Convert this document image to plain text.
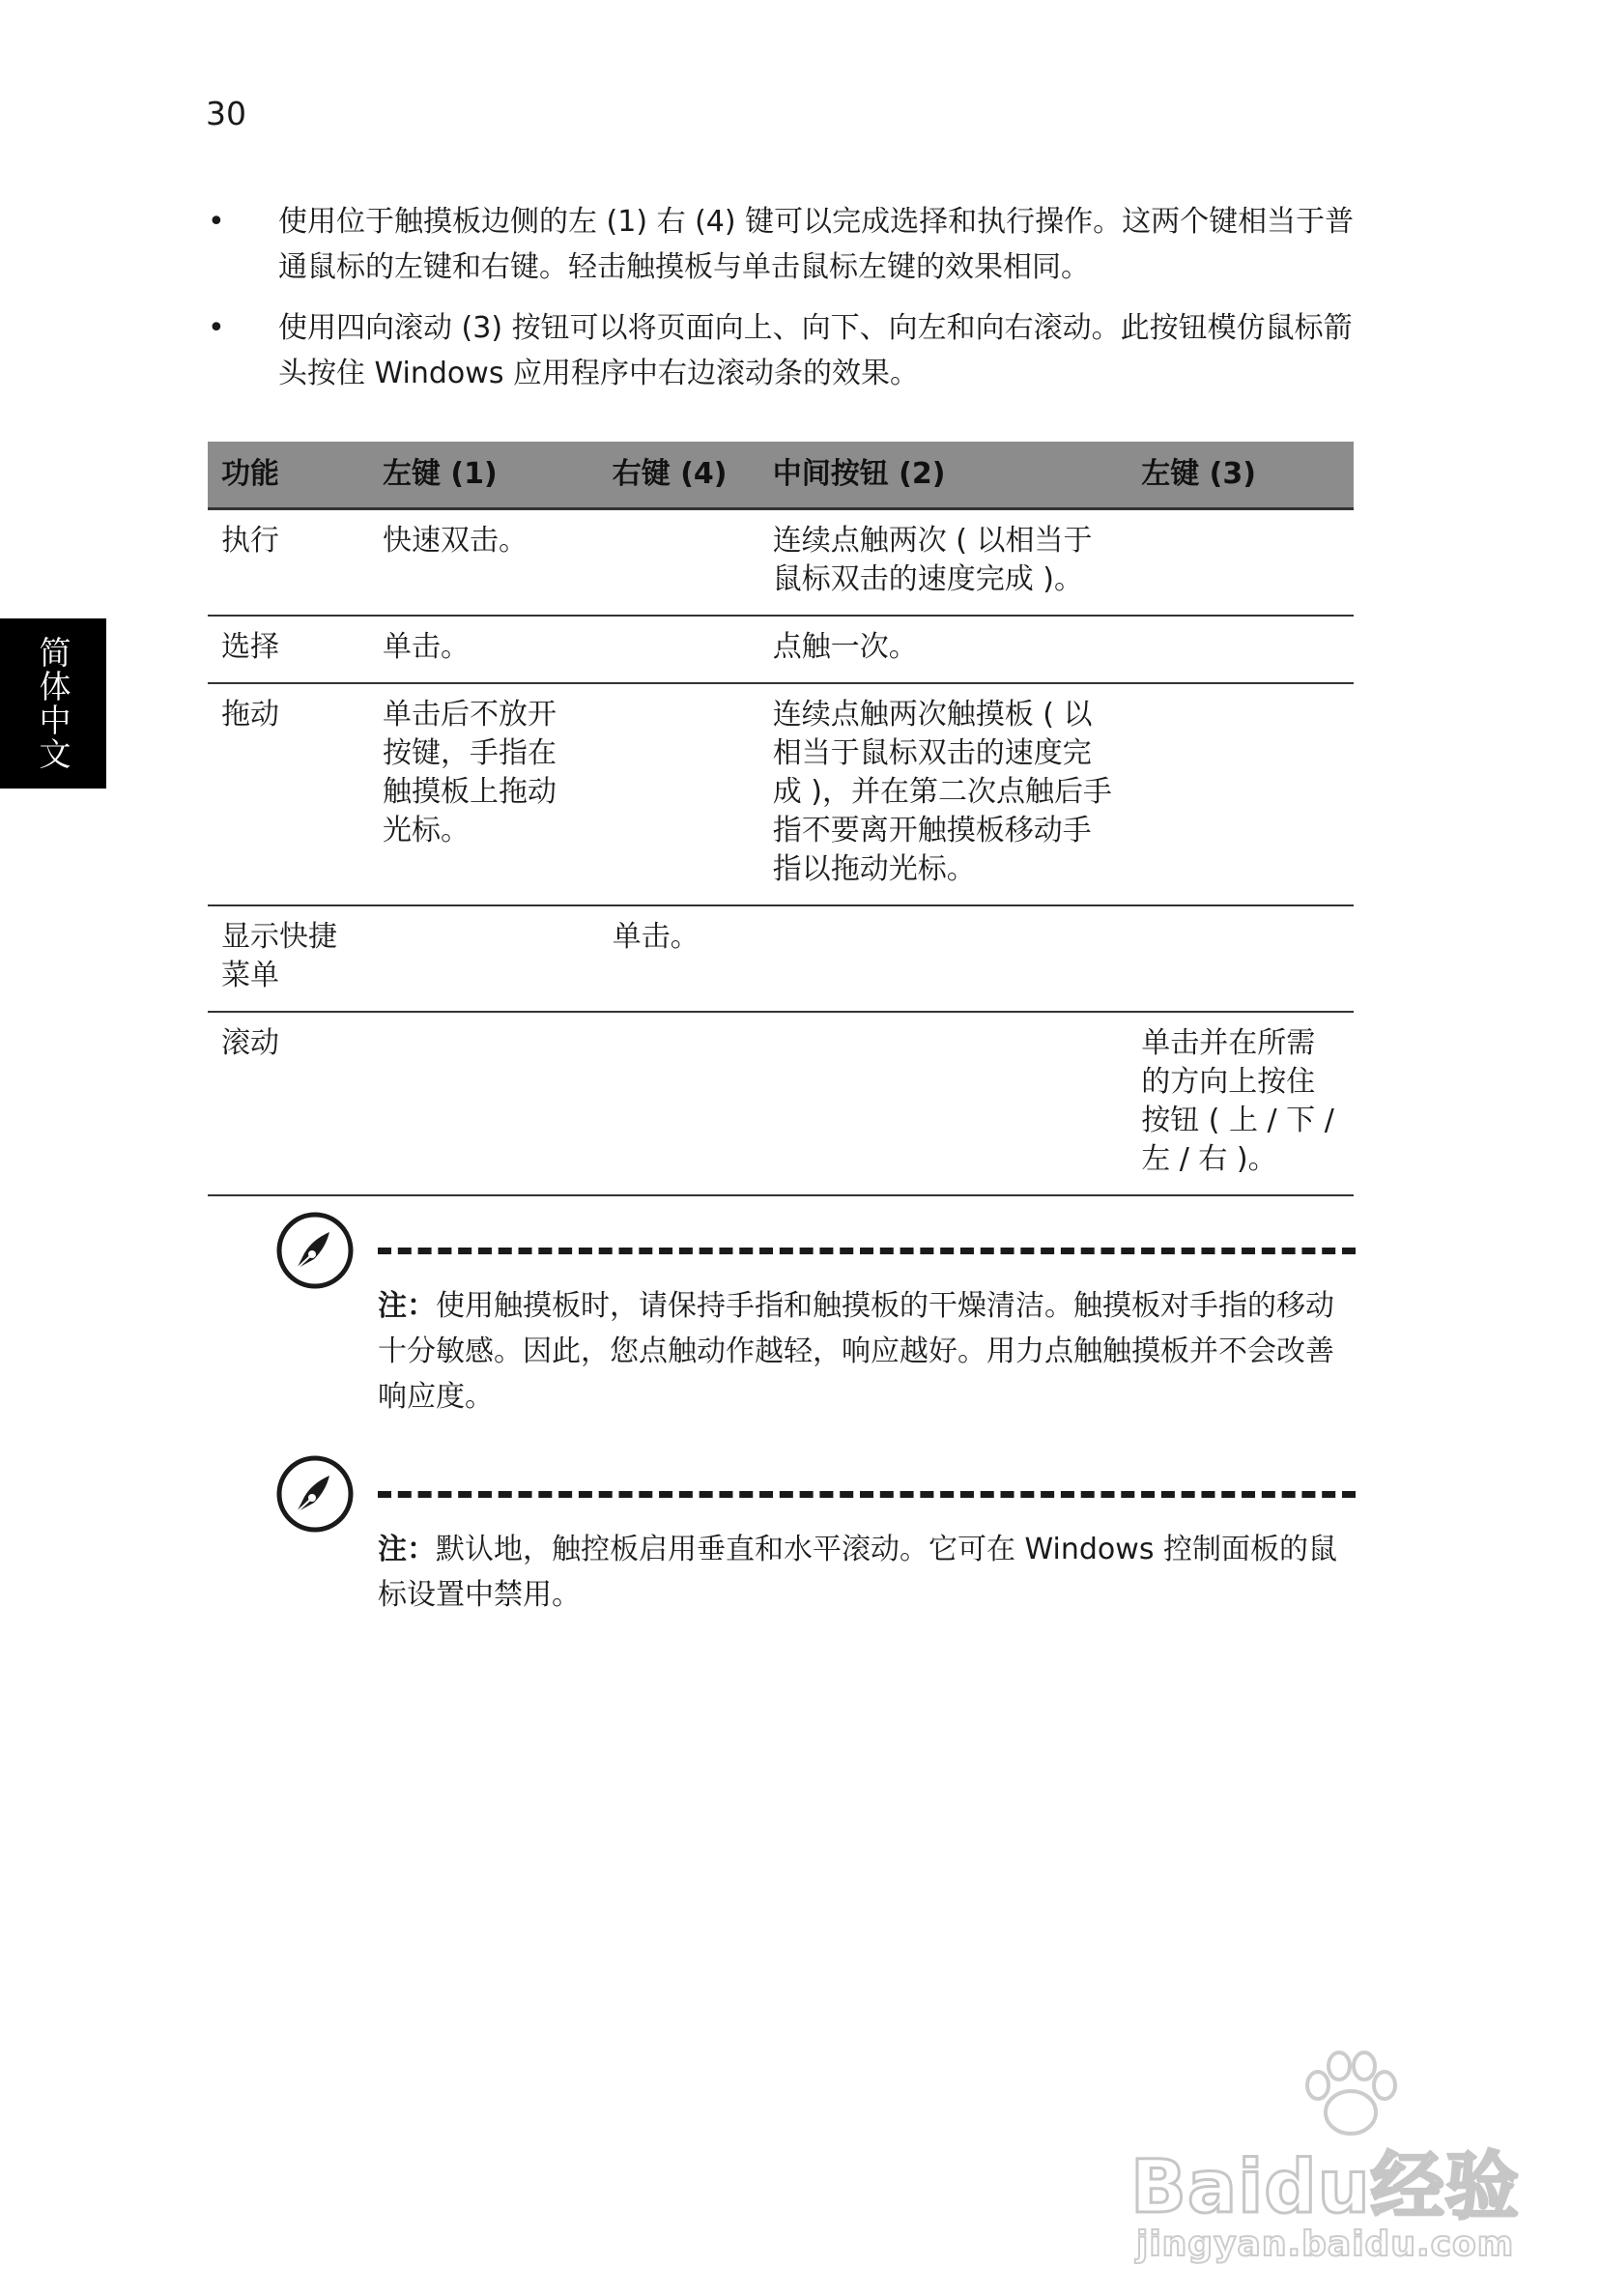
30
简体中文
• 使用位于触摸板边侧的左 (1) 右 (4) 键可以完成选择和执行操作。这两个键相当于普通鼠标的左键和右键。轻击触摸板与单击鼠标左键的效果相同。
• 使用四向滚动 (3) 按钮可以将页面向上、向下、向左和向右滚动。此按钮模仿鼠标箭头按住 Windows 应用程序中右边滚动条的效果。
功能	左键 (1)	右键 (4)	中间按钮 (2)	左键 (3)
执行	快速双击。		连续点触两次 ( 以相当于鼠标双击的速度完成 )。	
选择	单击。		点触一次。	
拖动	单击后不放开按键，手指在触摸板上拖动光标。		连续点触两次触摸板 ( 以相当于鼠标双击的速度完成 )，并在第二次点触后手指不要离开触摸板移动手指以拖动光标。	
显示快捷菜单		单击。		
滚动				单击并在所需的方向上按住按钮 ( 上 / 下 / 左 / 右 )。
注：使用触摸板时，请保持手指和触摸板的干燥清洁。触摸板对手指的移动十分敏感。因此，您点触动作越轻，响应越好。用力点触触摸板并不会改善响应度。
注：默认地，触控板启用垂直和水平滚动。它可在 Windows 控制面板的鼠标设置中禁用。
Baidu经验
jingyan.baidu.com
